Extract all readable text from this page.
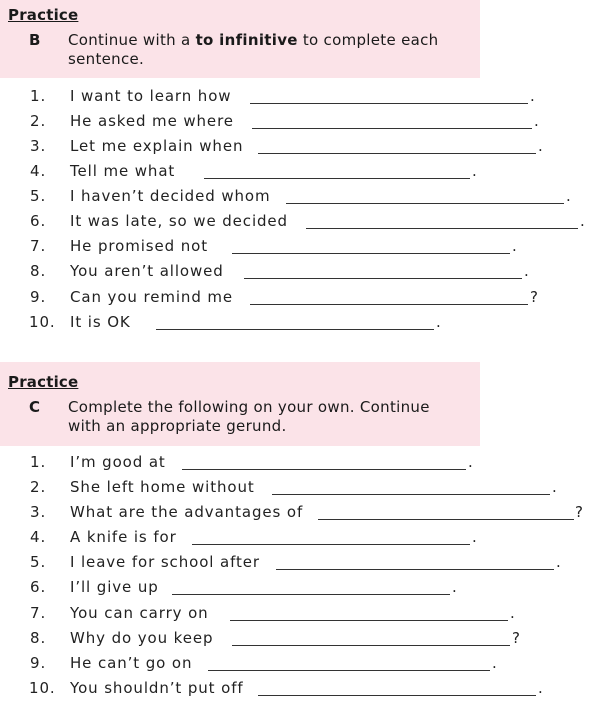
Practice
B Continue with a to infinitive to complete each sentence.
1.	I want to learn how	.
2.	He asked me where	.
3.	Let me explain when	.
4.	Tell me what	.
5.	I haven’t decided whom	.
6.	It was late, so we decided	.
7.	He promised not	.
8.	You aren’t allowed	.
9.	Can you remind me	?
10. It is OK	.
Practice
C Complete the following on your own. Continue with an appropriate gerund.
1.	I’m good at	.
2.	She left home without	.
3.	What are the advantages of	?
4.	A knife is for	.
5.	I leave for school after	.
6.	I’ll give up	.
7.	You can carry on	.
8.	Why do you keep	?
9.	He can’t go on	.
10. You shouldn’t put off	.
